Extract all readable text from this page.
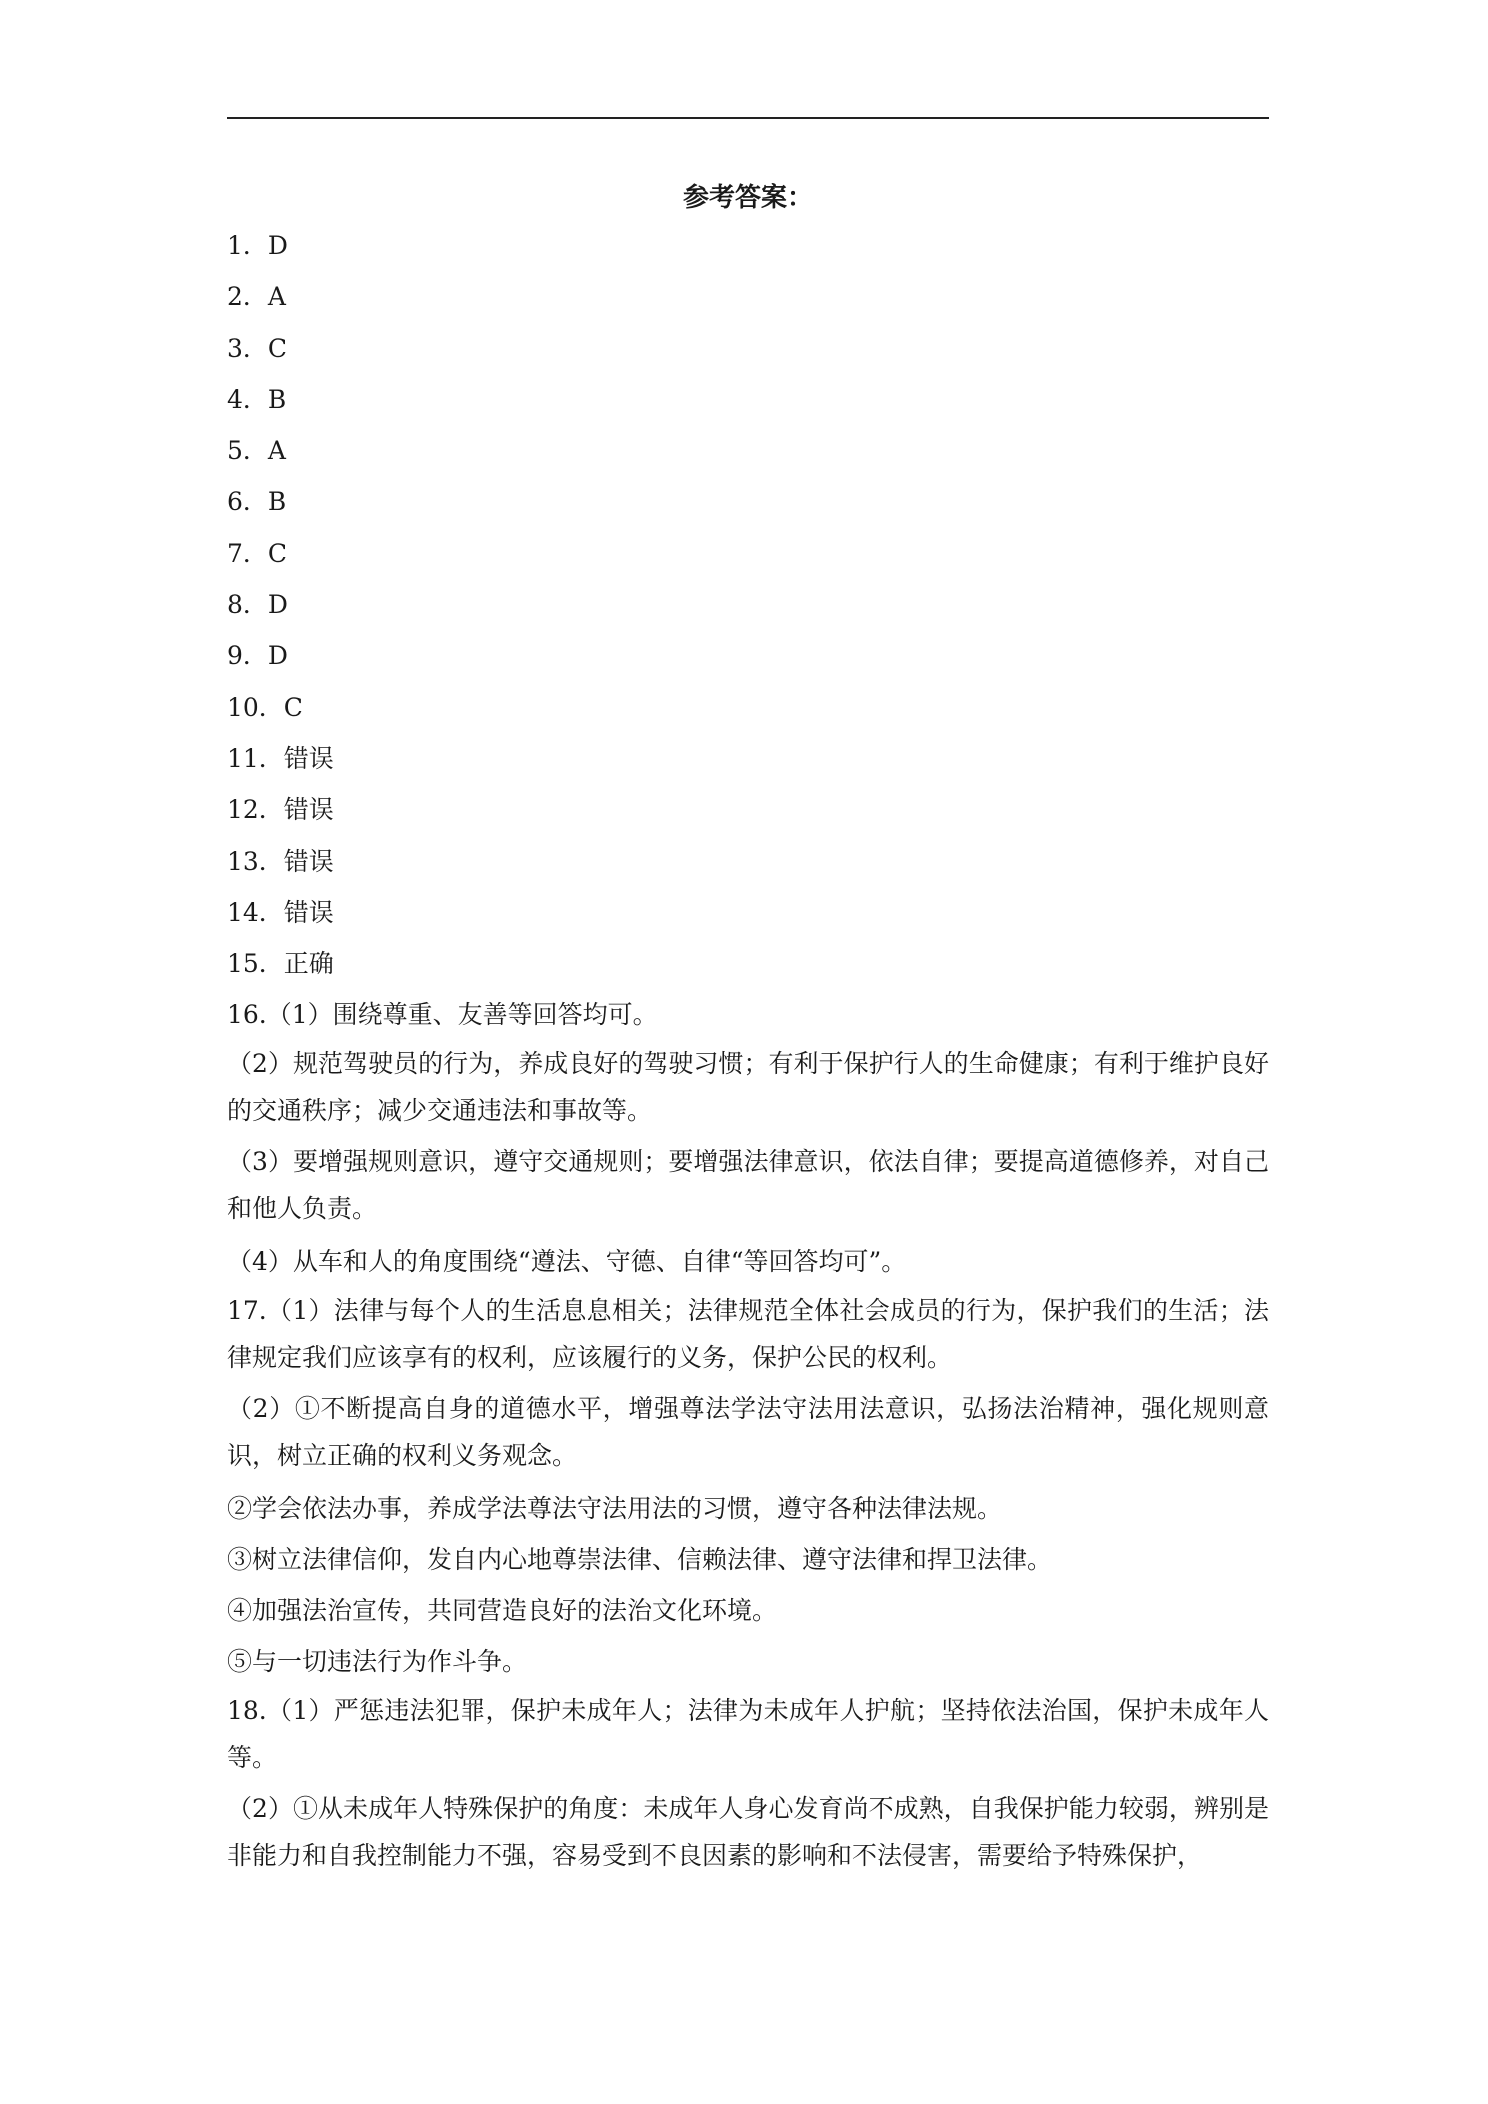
参考答案：
1．D
2．A
3．C
4．B
5．A
6．B
7．C
8．D
9．D
10．C
11．错误
12．错误
13．错误
14．错误
15．正确
16.（1）围绕尊重、友善等回答均可。
（2）规范驾驶员的行为，养成良好的驾驶习惯；有利于保护行人的生命健康；有利于维护良好的交通秩序；减少交通违法和事故等。
（3）要增强规则意识，遵守交通规则；要增强法律意识，依法自律；要提高道德修养，对自己和他人负责。
（4）从车和人的角度围绕“遵法、守德、自律“等回答均可”。
17.（1）法律与每个人的生活息息相关；法律规范全体社会成员的行为，保护我们的生活；法律规定我们应该享有的权利，应该履行的义务，保护公民的权利。
（2）①不断提高自身的道德水平，增强尊法学法守法用法意识，弘扬法治精神，强化规则意识，树立正确的权利义务观念。
②学会依法办事，养成学法尊法守法用法的习惯，遵守各种法律法规。
③树立法律信仰，发自内心地尊崇法律、信赖法律、遵守法律和捍卫法律。
④加强法治宣传，共同营造良好的法治文化环境。
⑤与一切违法行为作斗争。
18.（1）严惩违法犯罪，保护未成年人；法律为未成年人护航；坚持依法治国，保护未成年人等。
（2）①从未成年人特殊保护的角度：未成年人身心发育尚不成熟，自我保护能力较弱，辨别是非能力和自我控制能力不强，容易受到不良因素的影响和不法侵害，需要给予特殊保护，
